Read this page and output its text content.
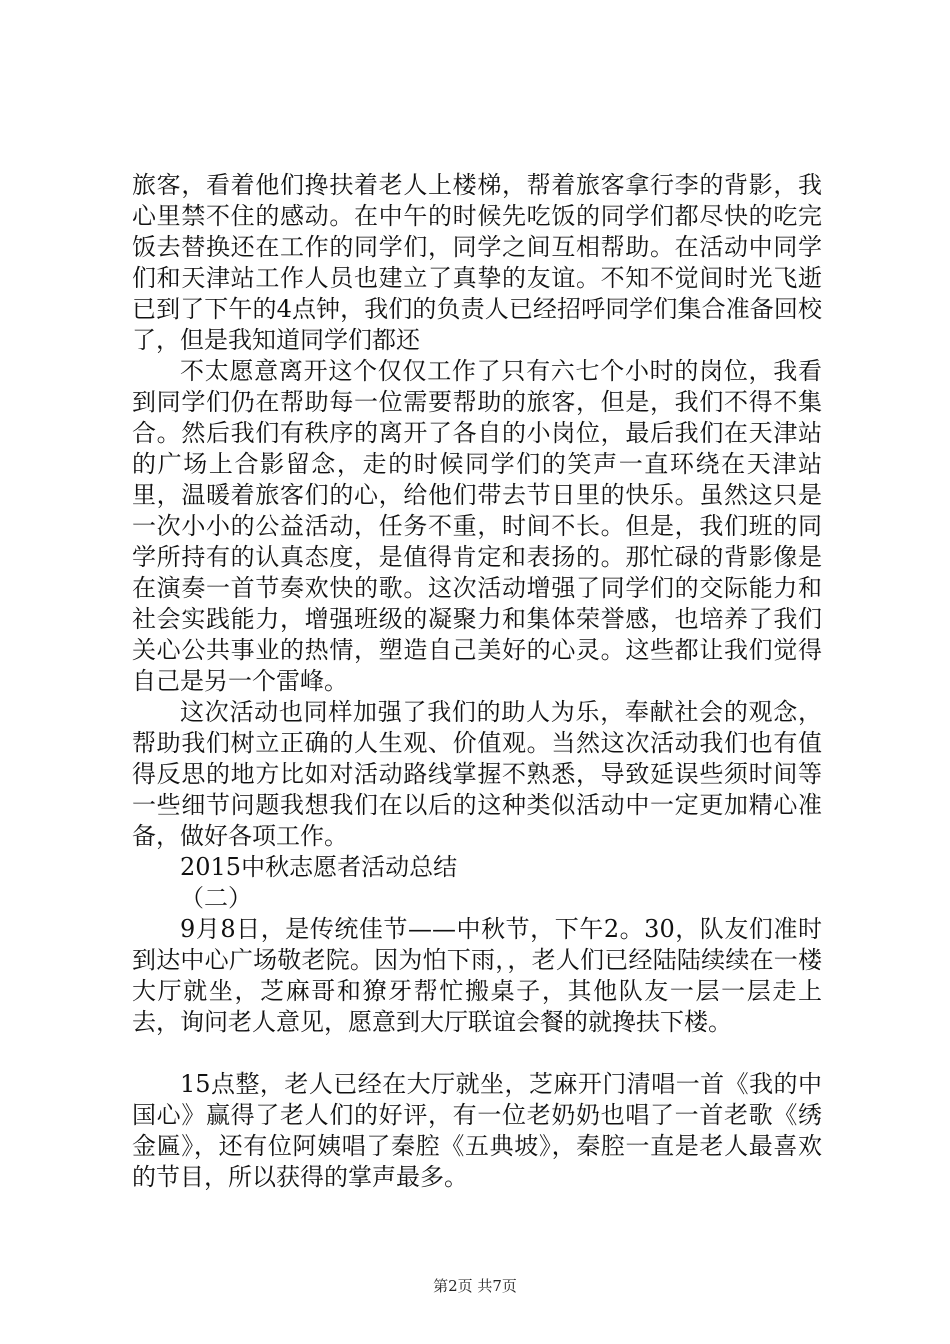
旅客，看着他们搀扶着老人上楼梯，帮着旅客拿行李的背影，我心里禁不住的感动。在中午的时候先吃饭的同学们都尽快的吃完饭去替换还在工作的同学们，同学之间互相帮助。在活动中同学们和天津站工作人员也建立了真挚的友谊。不知不觉间时光飞逝已到了下午的4点钟，我们的负责人已经招呼同学们集合准备回校了，但是我知道同学们都还

不太愿意离开这个仅仅工作了只有六七个小时的岗位，我看到同学们仍在帮助每一位需要帮助的旅客，但是，我们不得不集合。然后我们有秩序的离开了各自的小岗位，最后我们在天津站的广场上合影留念，走的时候同学们的笑声一直环绕在天津站里，温暖着旅客们的心，给他们带去节日里的快乐。虽然这只是一次小小的公益活动，任务不重，时间不长。但是，我们班的同学所持有的认真态度，是值得肯定和表扬的。那忙碌的背影像是在演奏一首节奏欢快的歌。这次活动增强了同学们的交际能力和社会实践能力，增强班级的凝聚力和集体荣誉感，也培养了我们关心公共事业的热情，塑造自己美好的心灵。这些都让我们觉得自己是另一个雷峰。

这次活动也同样加强了我们的助人为乐，奉献社会的观念，帮助我们树立正确的人生观、价值观。当然这次活动我们也有值得反思的地方比如对活动路线掌握不熟悉，导致延误些须时间等一些细节问题我想我们在以后的这种类似活动中一定更加精心准备，做好各项工作。

2015中秋志愿者活动总结

（二）

9月8日，是传统佳节——中秋节，下午2。30，队友们准时到达中心广场敬老院。因为怕下雨，，老人们已经陆陆续续在一楼大厅就坐，芝麻哥和獠牙帮忙搬桌子，其他队友一层一层走上去，询问老人意见，愿意到大厅联谊会餐的就搀扶下楼。

15点整，老人已经在大厅就坐，芝麻开门清唱一首《我的中国心》赢得了老人们的好评，有一位老奶奶也唱了一首老歌《绣金匾》，还有位阿姨唱了秦腔《五典坡》，秦腔一直是老人最喜欢的节目，所以获得的掌声最多。

第2页 共7页
